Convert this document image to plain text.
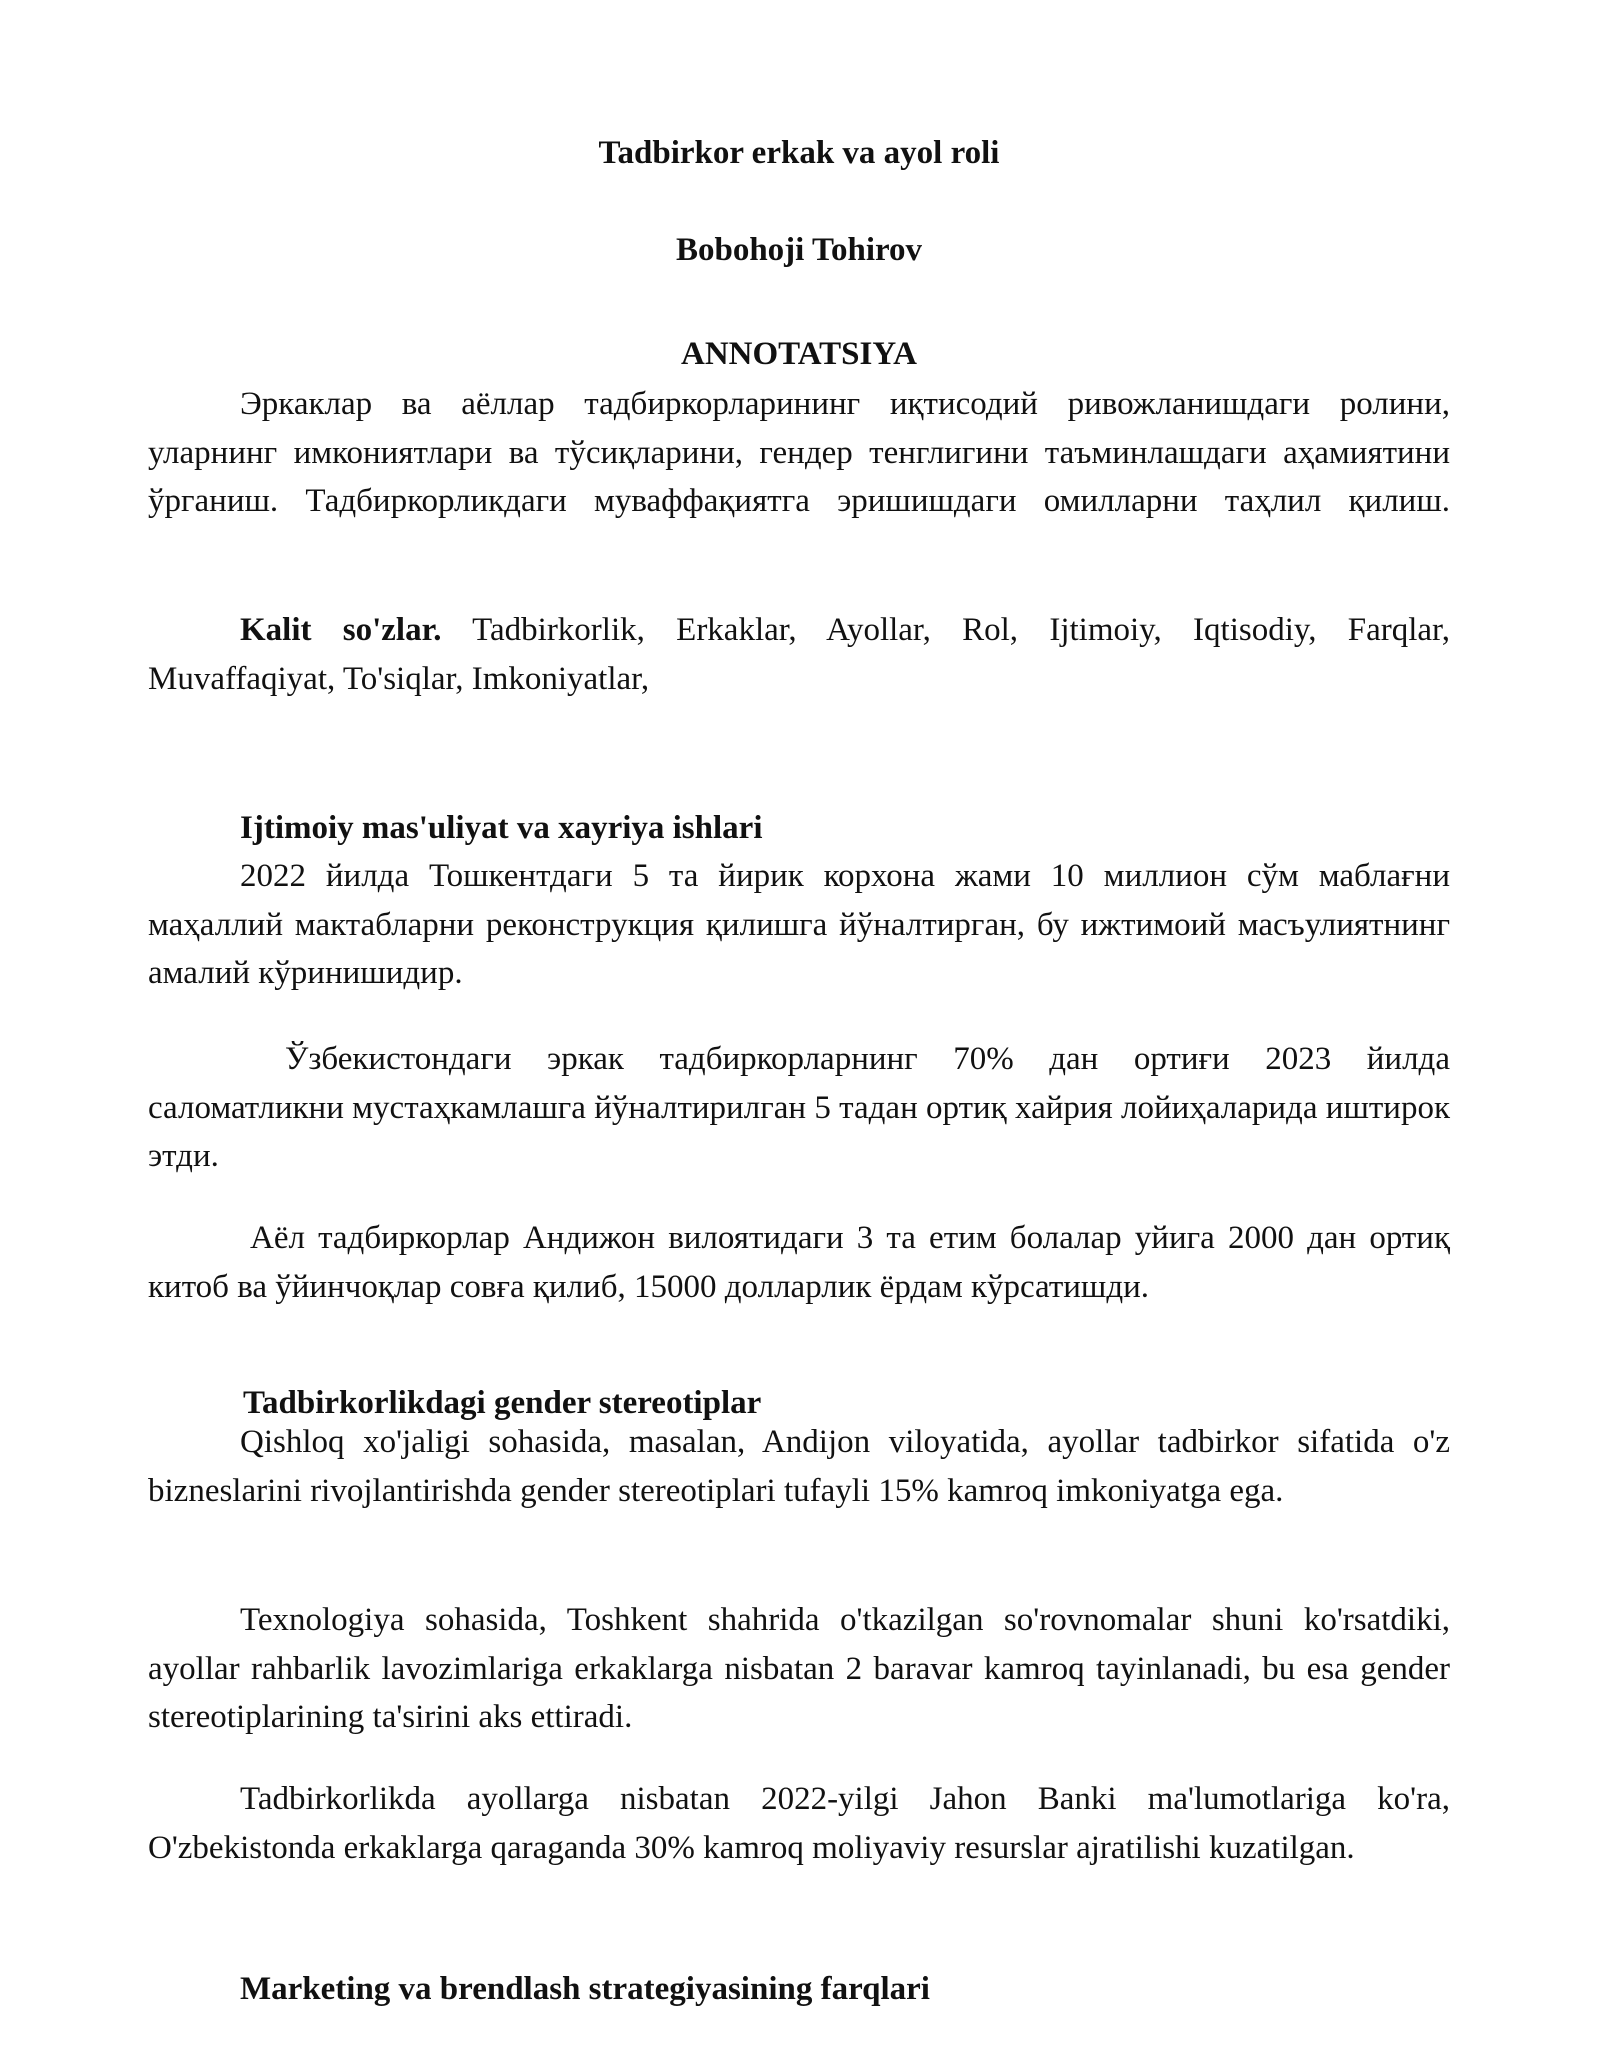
Tadbirkor erkak va ayol roli
Bobohoji Tohirov
ANNOTATSIYA

Эркаклар ва аёллар тадбиркорларининг иқтисодий ривожланишдаги ролини, уларнинг имкониятлари ва тўсиқларини, гендер тенглигини таъминлашдаги аҳамиятини ўрганиш. Тадбиркорликдаги муваффақиятга эришишдаги омилларни таҳлил қилиш.

Kalit so'zlar. Tadbirkorlik, Erkaklar, Ayollar, Rol, Ijtimoiy, Iqtisodiy, Farqlar, Muvaffaqiyat, To'siqlar, Imkoniyatlar,

Ijtimoiy mas'uliyat va xayriya ishlari

2022 йилда Тошкентдаги 5 та йирик корхона жами 10 миллион сўм маблағни маҳаллий мактабларни реконструкция қилишга йўналтирган, бу ижтимоий масъулиятнинг амалий кўринишидир.

Ўзбекистондаги эркак тадбиркорларнинг 70% дан ортиғи 2023 йилда саломатликни мустаҳкамлашга йўналтирилган 5 тадан ортиқ хайрия лойиҳаларида иштирок этди.

Аёл тадбиркорлар Андижон вилоятидаги 3 та етим болалар уйига 2000 дан ортиқ китоб ва ўйинчоқлар совға қилиб, 15000 долларлик ёрдам кўрсатишди.

Tadbirkorlikdagi gender stereotiplar

Qishloq xo'jaligi sohasida, masalan, Andijon viloyatida, ayollar tadbirkor sifatida o'z bizneslarini rivojlantirishda gender stereotiplari tufayli 15% kamroq imkoniyatga ega.

Texnologiya sohasida, Toshkent shahrida o'tkazilgan so'rovnomalar shuni ko'rsatdiki, ayollar rahbarlik lavozimlariga erkaklarga nisbatan 2 baravar kamroq tayinlanadi, bu esa gender stereotiplarining ta'sirini aks ettiradi.

Tadbirkorlikda ayollarga nisbatan 2022-yilgi Jahon Banki ma'lumotlariga ko'ra, O'zbekistonda erkaklarga qaraganda 30% kamroq moliyaviy resurslar ajratilishi kuzatilgan.

Marketing va brendlash strategiyasining farqlari
